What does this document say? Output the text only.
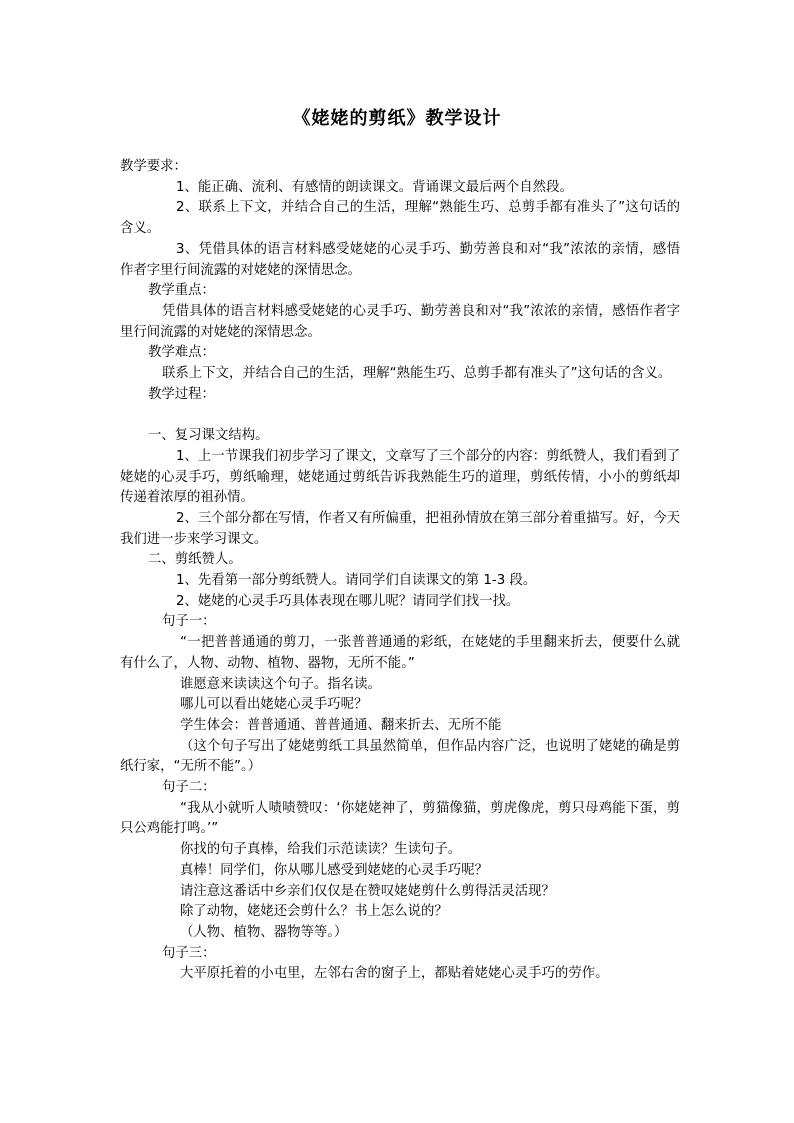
《姥姥的剪纸》教学设计

教学要求：

1、能正确、流利、有感情的朗读课文。背诵课文最后两个自然段。

2、联系上下文，并结合自己的生活，理解“熟能生巧、总剪手都有准头了”这句话的含义。

3、凭借具体的语言材料感受姥姥的心灵手巧、勤劳善良和对“我”浓浓的亲情，感悟作者字里行间流露的对姥姥的深情思念。

教学重点：

凭借具体的语言材料感受姥姥的心灵手巧、勤劳善良和对“我”浓浓的亲情，感悟作者字里行间流露的对姥姥的深情思念。

教学难点：

联系上下文，并结合自己的生活，理解“熟能生巧、总剪手都有准头了”这句话的含义。

教学过程：

一、复习课文结构。

1、上一节课我们初步学习了课文，文章写了三个部分的内容：剪纸赞人，我们看到了姥姥的心灵手巧，剪纸喻理，姥姥通过剪纸告诉我熟能生巧的道理，剪纸传情，小小的剪纸却传递着浓厚的祖孙情。

2、三个部分都在写情，作者又有所偏重，把祖孙情放在第三部分着重描写。好，今天我们进一步来学习课文。

二、剪纸赞人。

1、先看第一部分剪纸赞人。请同学们自读课文的第 1-3 段。

2、姥姥的心灵手巧具体表现在哪儿呢？请同学们找一找。

句子一：

“一把普普通通的剪刀，一张普普通通的彩纸，在姥姥的手里翻来折去，便要什么就有什么了，人物、动物、植物、器物，无所不能。”

谁愿意来读读这个句子。指名读。

哪儿可以看出姥姥心灵手巧呢？

学生体会：普普通通、普普通通、翻来折去、无所不能

（这个句子写出了姥姥剪纸工具虽然简单，但作品内容广泛，也说明了姥姥的确是剪纸行家，“无所不能”。）

句子二：

“我从小就听人啧啧赞叹：‘你姥姥神了，剪猫像猫，剪虎像虎，剪只母鸡能下蛋，剪只公鸡能打鸣。’”

你找的句子真棒，给我们示范读读？生读句子。

真棒！同学们，你从哪儿感受到姥姥的心灵手巧呢？

请注意这番话中乡亲们仅仅是在赞叹姥姥剪什么剪得活灵活现？

除了动物，姥姥还会剪什么？书上怎么说的？

（人物、植物、器物等等。）

句子三：

大平原托着的小屯里，左邻右舍的窗子上，都贴着姥姥心灵手巧的劳作。
